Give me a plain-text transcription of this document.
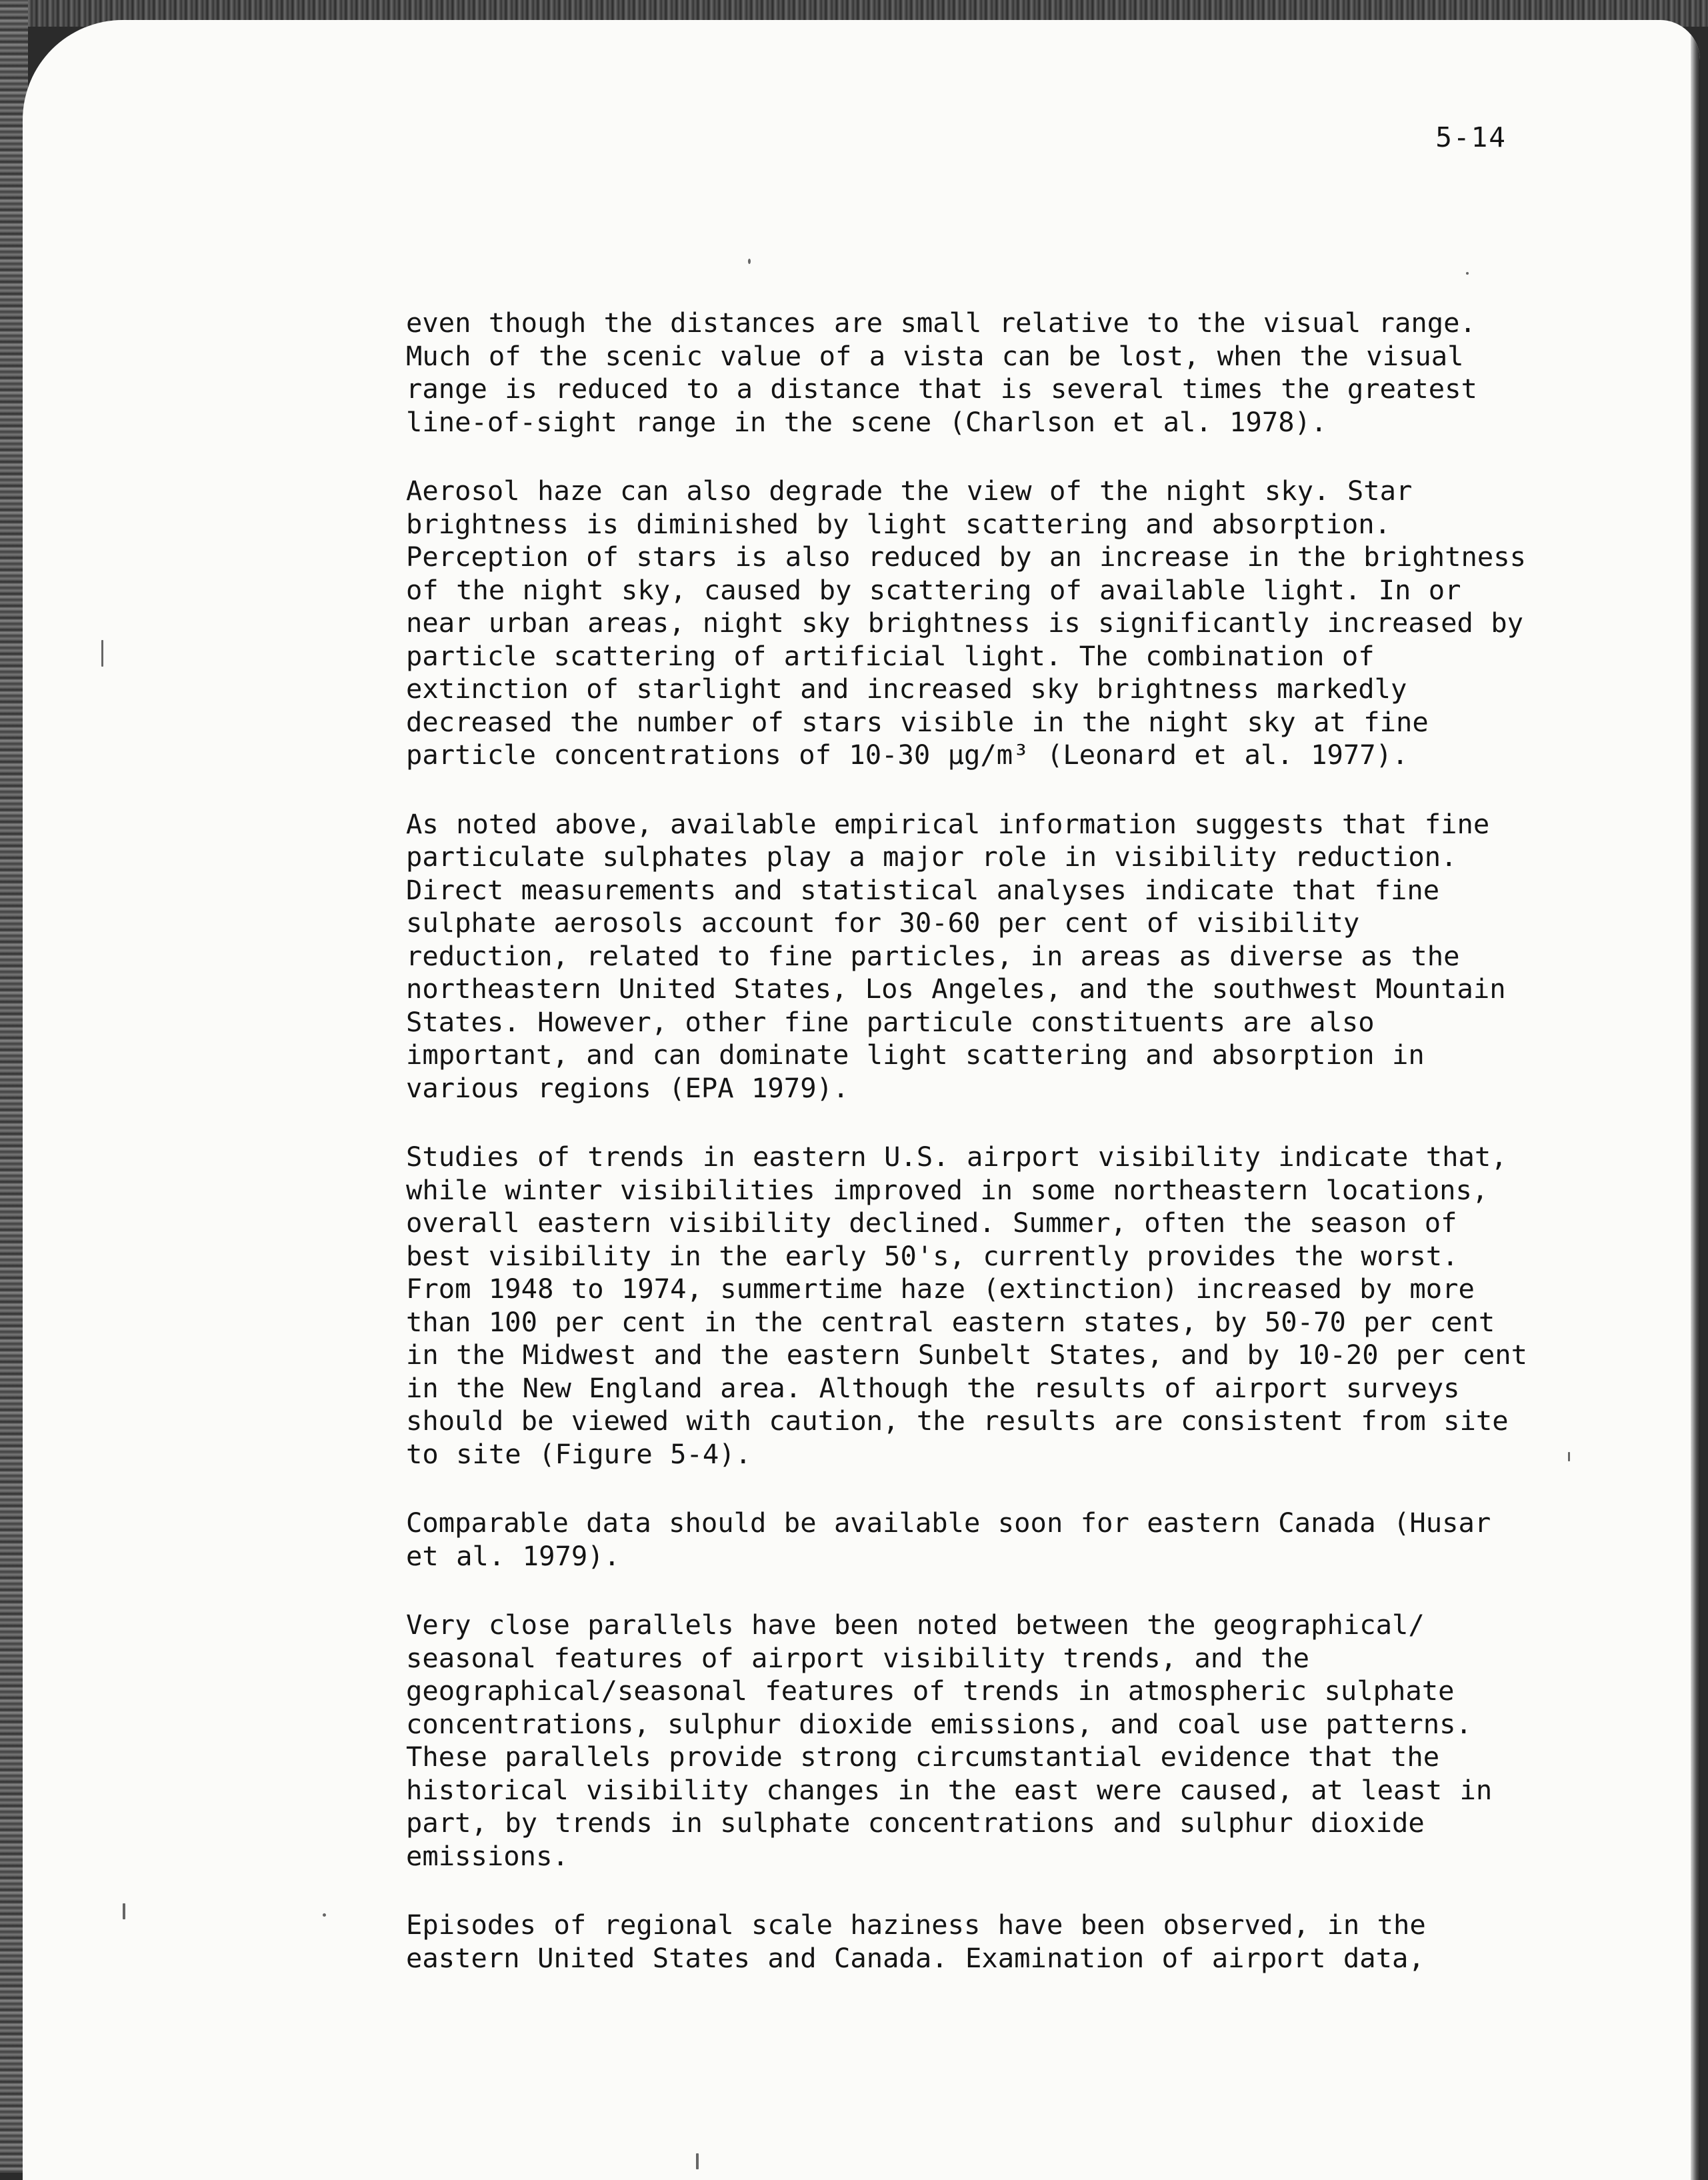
5-14

even though the distances are small relative to the visual range.
Much of the scenic value of a vista can be lost, when the visual
range is reduced to a distance that is several times the greatest
line-of-sight range in the scene (Charlson et al. 1978).

Aerosol haze can also degrade the view of the night sky. Star
brightness is diminished by light scattering and absorption.
Perception of stars is also reduced by an increase in the brightness
of the night sky, caused by scattering of available light. In or
near urban areas, night sky brightness is significantly increased by
particle scattering of artificial light. The combination of
extinction of starlight and increased sky brightness markedly
decreased the number of stars visible in the night sky at fine
particle concentrations of 10-30 µg/m³ (Leonard et al. 1977).

As noted above, available empirical information suggests that fine
particulate sulphates play a major role in visibility reduction.
Direct measurements and statistical analyses indicate that fine
sulphate aerosols account for 30-60 per cent of visibility
reduction, related to fine particles, in areas as diverse as the
northeastern United States, Los Angeles, and the southwest Mountain
States. However, other fine particule constituents are also
important, and can dominate light scattering and absorption in
various regions (EPA 1979).

Studies of trends in eastern U.S. airport visibility indicate that,
while winter visibilities improved in some northeastern locations,
overall eastern visibility declined. Summer, often the season of
best visibility in the early 50's, currently provides the worst.
From 1948 to 1974, summertime haze (extinction) increased by more
than 100 per cent in the central eastern states, by 50-70 per cent
in the Midwest and the eastern Sunbelt States, and by 10-20 per cent
in the New England area. Although the results of airport surveys
should be viewed with caution, the results are consistent from site
to site (Figure 5-4).

Comparable data should be available soon for eastern Canada (Husar
et al. 1979).

Very close parallels have been noted between the geographical/
seasonal features of airport visibility trends, and the
geographical/seasonal features of trends in atmospheric sulphate
concentrations, sulphur dioxide emissions, and coal use patterns.
These parallels provide strong circumstantial evidence that the
historical visibility changes in the east were caused, at least in
part, by trends in sulphate concentrations and sulphur dioxide
emissions.

Episodes of regional scale haziness have been observed, in the
eastern United States and Canada. Examination of airport data,
